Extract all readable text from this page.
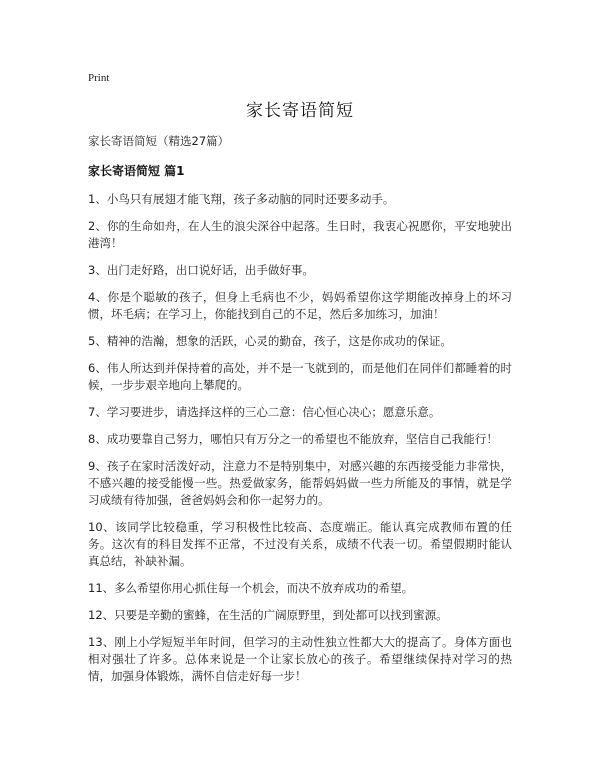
Print
家长寄语简短

家长寄语简短（精选27篇）

家长寄语简短 篇1

1、小鸟只有展翅才能飞翔，孩子多动脑的同时还要多动手。

2、你的生命如舟，在人生的浪尖深谷中起落。生日时，我衷心祝愿你，平安地驶出港湾！

3、出门走好路，出口说好话，出手做好事。

4、你是个聪敏的孩子，但身上毛病也不少，妈妈希望你这学期能改掉身上的坏习惯，坏毛病；在学习上，你能找到自己的不足，然后多加练习，加油！

5、精神的浩瀚，想象的活跃，心灵的勤奋，孩子，这是你成功的保证。

6、伟人所达到并保持着的高处，并不是一飞就到的，而是他们在同伴们都睡着的时候，一步步艰辛地向上攀爬的。

7、学习要进步，请选择这样的三心二意：信心恒心决心；愿意乐意。

8、成功要靠自己努力，哪怕只有万分之一的希望也不能放弃，坚信自己我能行！

9、孩子在家时活泼好动，注意力不是特别集中，对感兴趣的东西接受能力非常快，不感兴趣的接受能慢一些。热爱做家务，能帮妈妈做一些力所能及的事情，就是学习成绩有待加强，爸爸妈妈会和你一起努力的。

10、该同学比较稳重，学习积极性比较高、态度端正。能认真完成教师布置的任务。这次有的科目发挥不正常，不过没有关系，成绩不代表一切。希望假期时能认真总结，补缺补漏。

11、多么希望你用心抓住每一个机会，而决不放弃成功的希望。

12、只要是辛勤的蜜蜂，在生活的广阔原野里，到处都可以找到蜜源。

13、刚上小学短短半年时间，但学习的主动性独立性都大大的提高了。身体方面也相对强壮了许多。总体来说是一个让家长放心的孩子。希望继续保持对学习的热情，加强身体锻炼，满怀自信走好每一步！
